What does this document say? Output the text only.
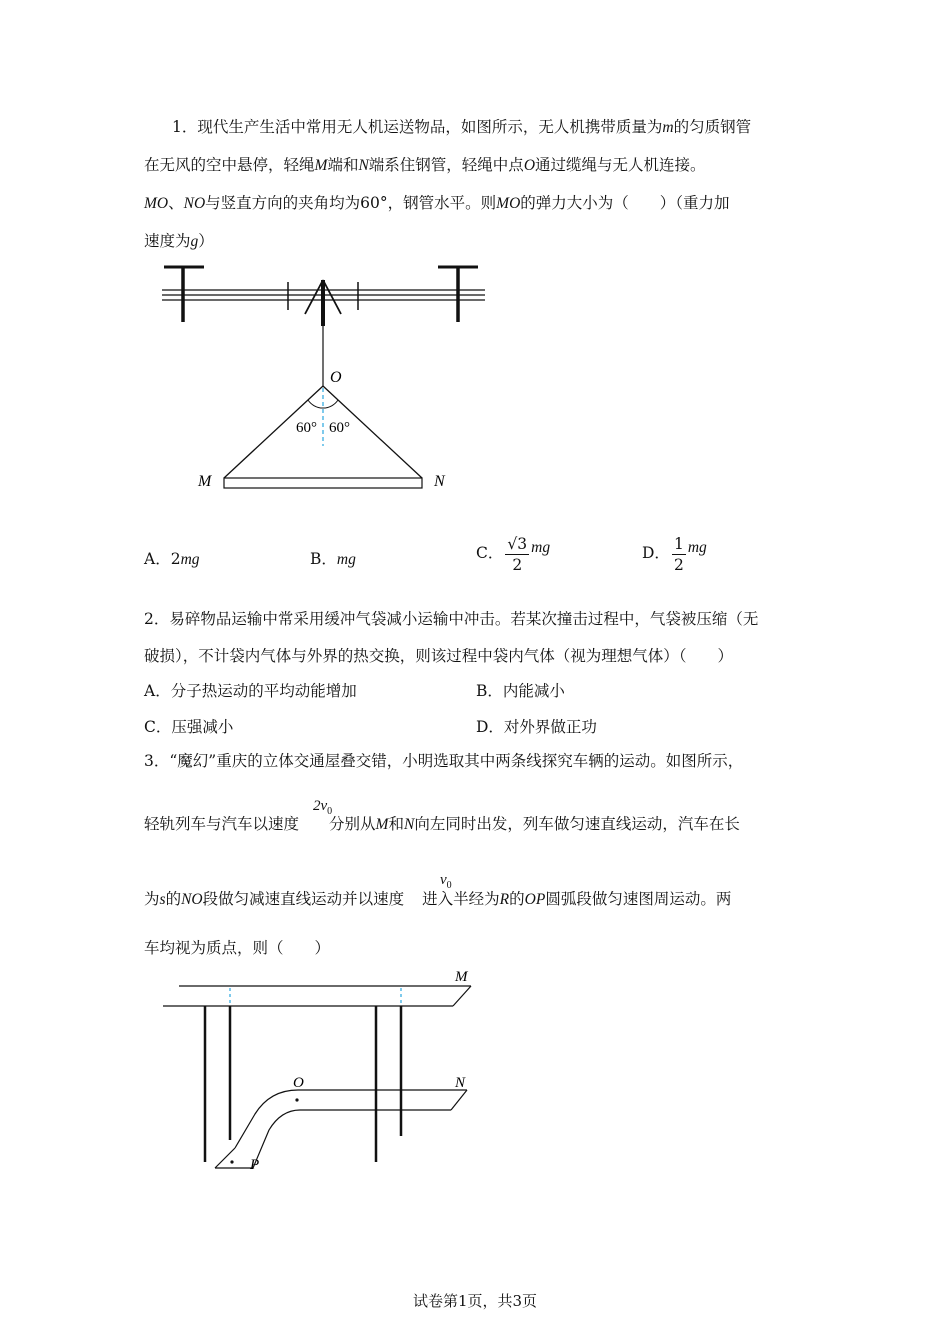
1．现代生产生活中常用无人机运送物品，如图所示，无人机携带质量为m的匀质钢管
在无风的空中悬停，轻绳M端和N端系住钢管，轻绳中点O通过缆绳与无人机连接。
MO、NO与竖直方向的夹角均为60°，钢管水平。则MO的弹力大小为（　　）（重力加
速度为g）
O
M	N
60° 60°
A．2mg	B．mg	C． $\frac{√3}{2}$ mg	D． $\frac{1}{2}$ mg
2．易碎物品运输中常采用缓冲气袋减小运输中冲击。若某次撞击过程中，气袋被压缩（无
破损），不计袋内气体与外界的热交换，则该过程中袋内气体（视为理想气体）（　　）
A．分子热运动的平均动能增加	B．内能减小
C．压强减小	D．对外界做正功
3．“魔幻”重庆的立体交通屋叠交错，小明选取其中两条线探究车辆的运动。如图所示，
$2v_0$
轻轨列车与汽车以速度 分别从M和N向左同时出发，列车做匀速直线运动，汽车在长
$v_0$
为s的NO段做匀减速直线运动并以速度 进入半经为R的OP圆弧段做匀速图周运动。两
车均视为质点，则（　　）
M
N
O
P
试卷第1页，共3页
